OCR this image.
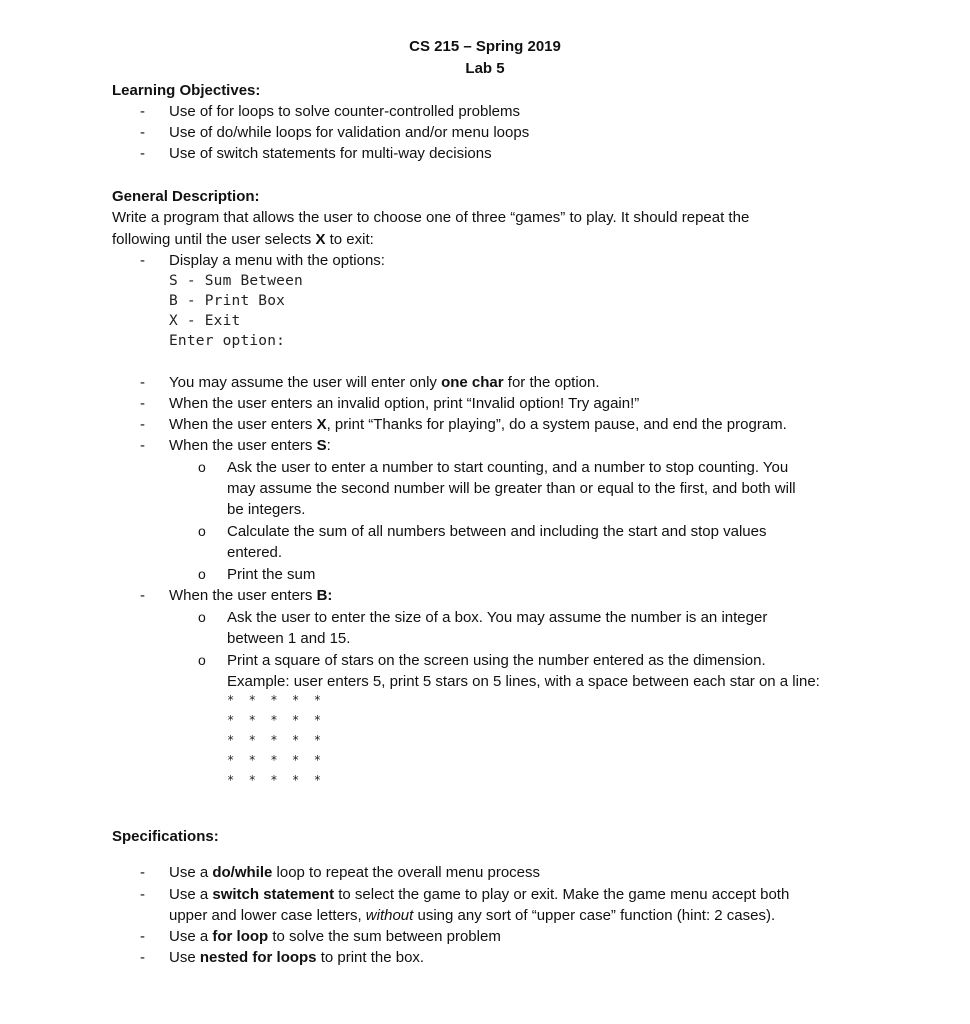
CS 215 – Spring 2019
Lab 5
Learning Objectives:
- Use of for loops to solve counter-controlled problems
- Use of do/while loops for validation and/or menu loops
- Use of switch statements for multi-way decisions
General Description:
Write a program that allows the user to choose one of three “games” to play. It should repeat the
following until the user selects X to exit:
- Display a menu with the options:
S - Sum Between
B - Print Box
X - Exit
Enter option:
- You may assume the user will enter only one char for the option.
- When the user enters an invalid option, print “Invalid option! Try again!”
- When the user enters X, print “Thanks for playing”, do a system pause, and end the program.
- When the user enters S:
o Ask the user to enter a number to start counting, and a number to stop counting. You
may assume the second number will be greater than or equal to the first, and both will
be integers.
o Calculate the sum of all numbers between and including the start and stop values
entered.
o Print the sum
- When the user enters B:
o Ask the user to enter the size of a box. You may assume the number is an integer
between 1 and 15.
o Print a square of stars on the screen using the number entered as the dimension.
Example: user enters 5, print 5 stars on 5 lines, with a space between each star on a line:
*  *  *  *  *
*  *  *  *  *
*  *  *  *  *
*  *  *  *  *
*  *  *  *  *
Specifications:
- Use a do/while loop to repeat the overall menu process
- Use a switch statement to select the game to play or exit. Make the game menu accept both
upper and lower case letters, without using any sort of “upper case” function (hint: 2 cases).
- Use a for loop to solve the sum between problem
- Use nested for loops to print the box.
